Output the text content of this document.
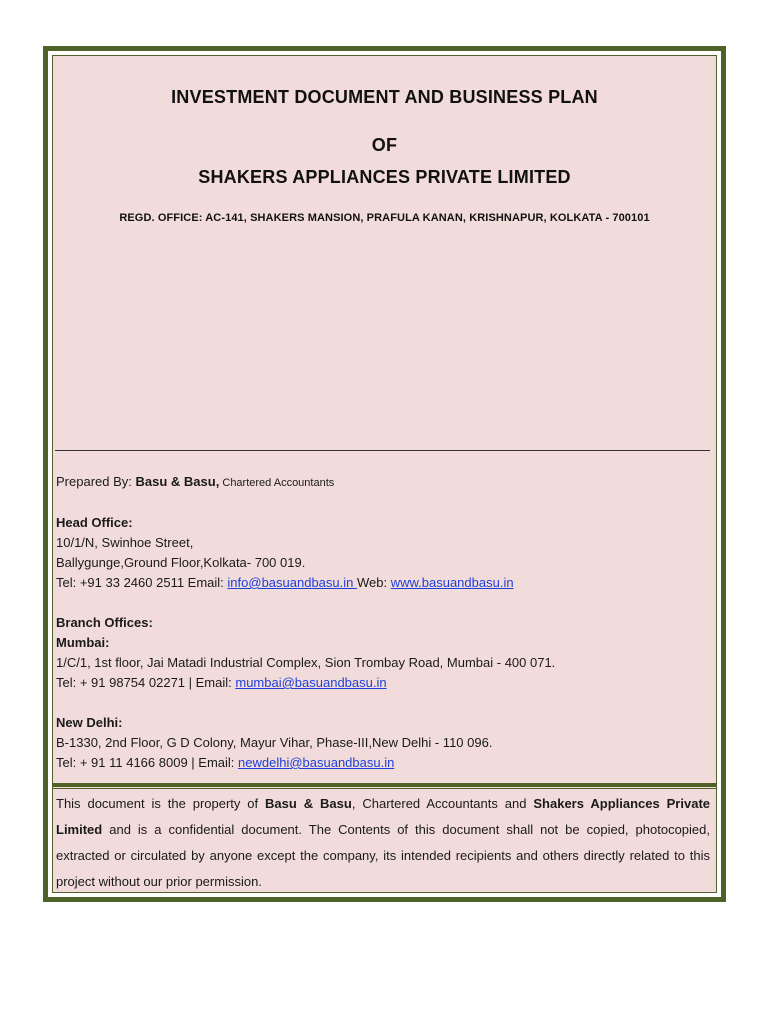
INVESTMENT DOCUMENT AND BUSINESS PLAN
OF
SHAKERS APPLIANCES PRIVATE LIMITED
REGD. OFFICE: AC-141, SHAKERS MANSION, PRAFULA KANAN, KRISHNAPUR, KOLKATA - 700101
Prepared By: Basu & Basu, Chartered Accountants
Head Office:
10/1/N, Swinhoe Street,
Ballygunge,Ground Floor,Kolkata- 700 019.
Tel: +91 33 2460 2511 Email: info@basuandbasu.in Web: www.basuandbasu.in
Branch Offices:
Mumbai:
1/C/1, 1st floor, Jai Matadi Industrial Complex, Sion Trombay Road, Mumbai - 400 071.
Tel: + 91 98754 02271 | Email: mumbai@basuandbasu.in
New Delhi:
B-1330, 2nd Floor, G D Colony, Mayur Vihar, Phase-III,New Delhi - 110 096.
Tel: + 91 11 4166 8009 | Email: newdelhi@basuandbasu.in
This document is the property of Basu & Basu, Chartered Accountants and Shakers Appliances Private Limited and is a confidential document. The Contents of this document shall not be copied, photocopied, extracted or circulated by anyone except the company, its intended recipients and others directly related to this project without our prior permission.
